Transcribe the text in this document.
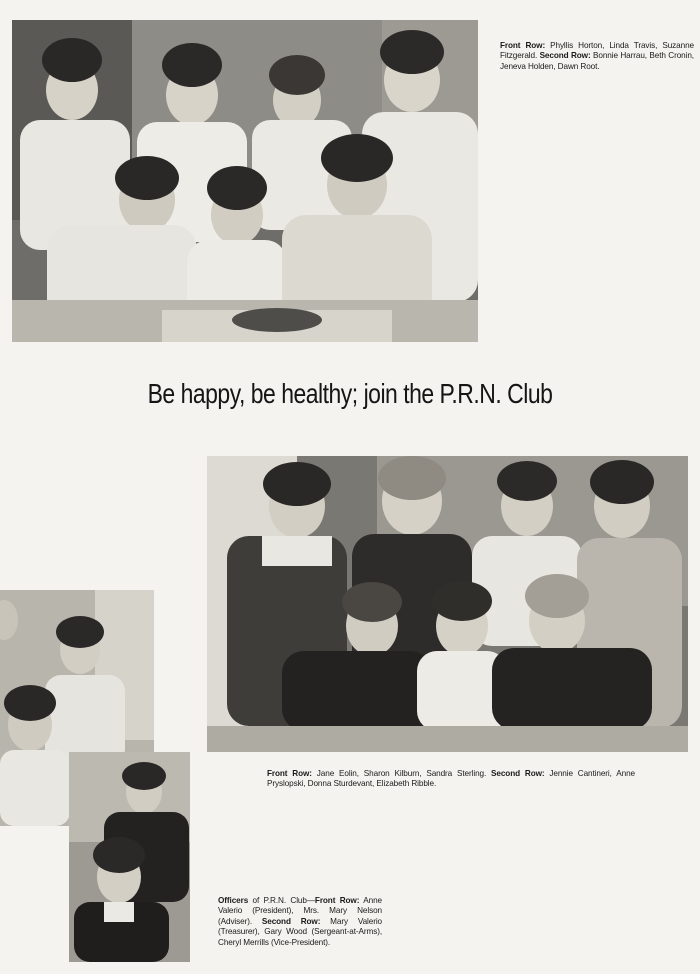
Front Row: Phyllis Horton, Linda Travis, Suzanne Fitzgerald. Second Row: Bonnie Harrau, Beth Cronin, Jeneva Holden, Dawn Root.
Be happy, be healthy; join the P.R.N. Club
Front Row: Jane Eolin, Sharon Kilburn, Sandra Sterling. Second Row: Jennie Cantineri, Anne Pryslopski, Donna Sturdevant, Elizabeth Ribble.
Officers of P.R.N. Club—Front Row: Anne Valerio (President), Mrs. Mary Nelson (Adviser). Second Row: Mary Valerio (Treasurer), Gary Wood (Sergeant-at-Arms), Cheryl Merrills (Vice-President).
